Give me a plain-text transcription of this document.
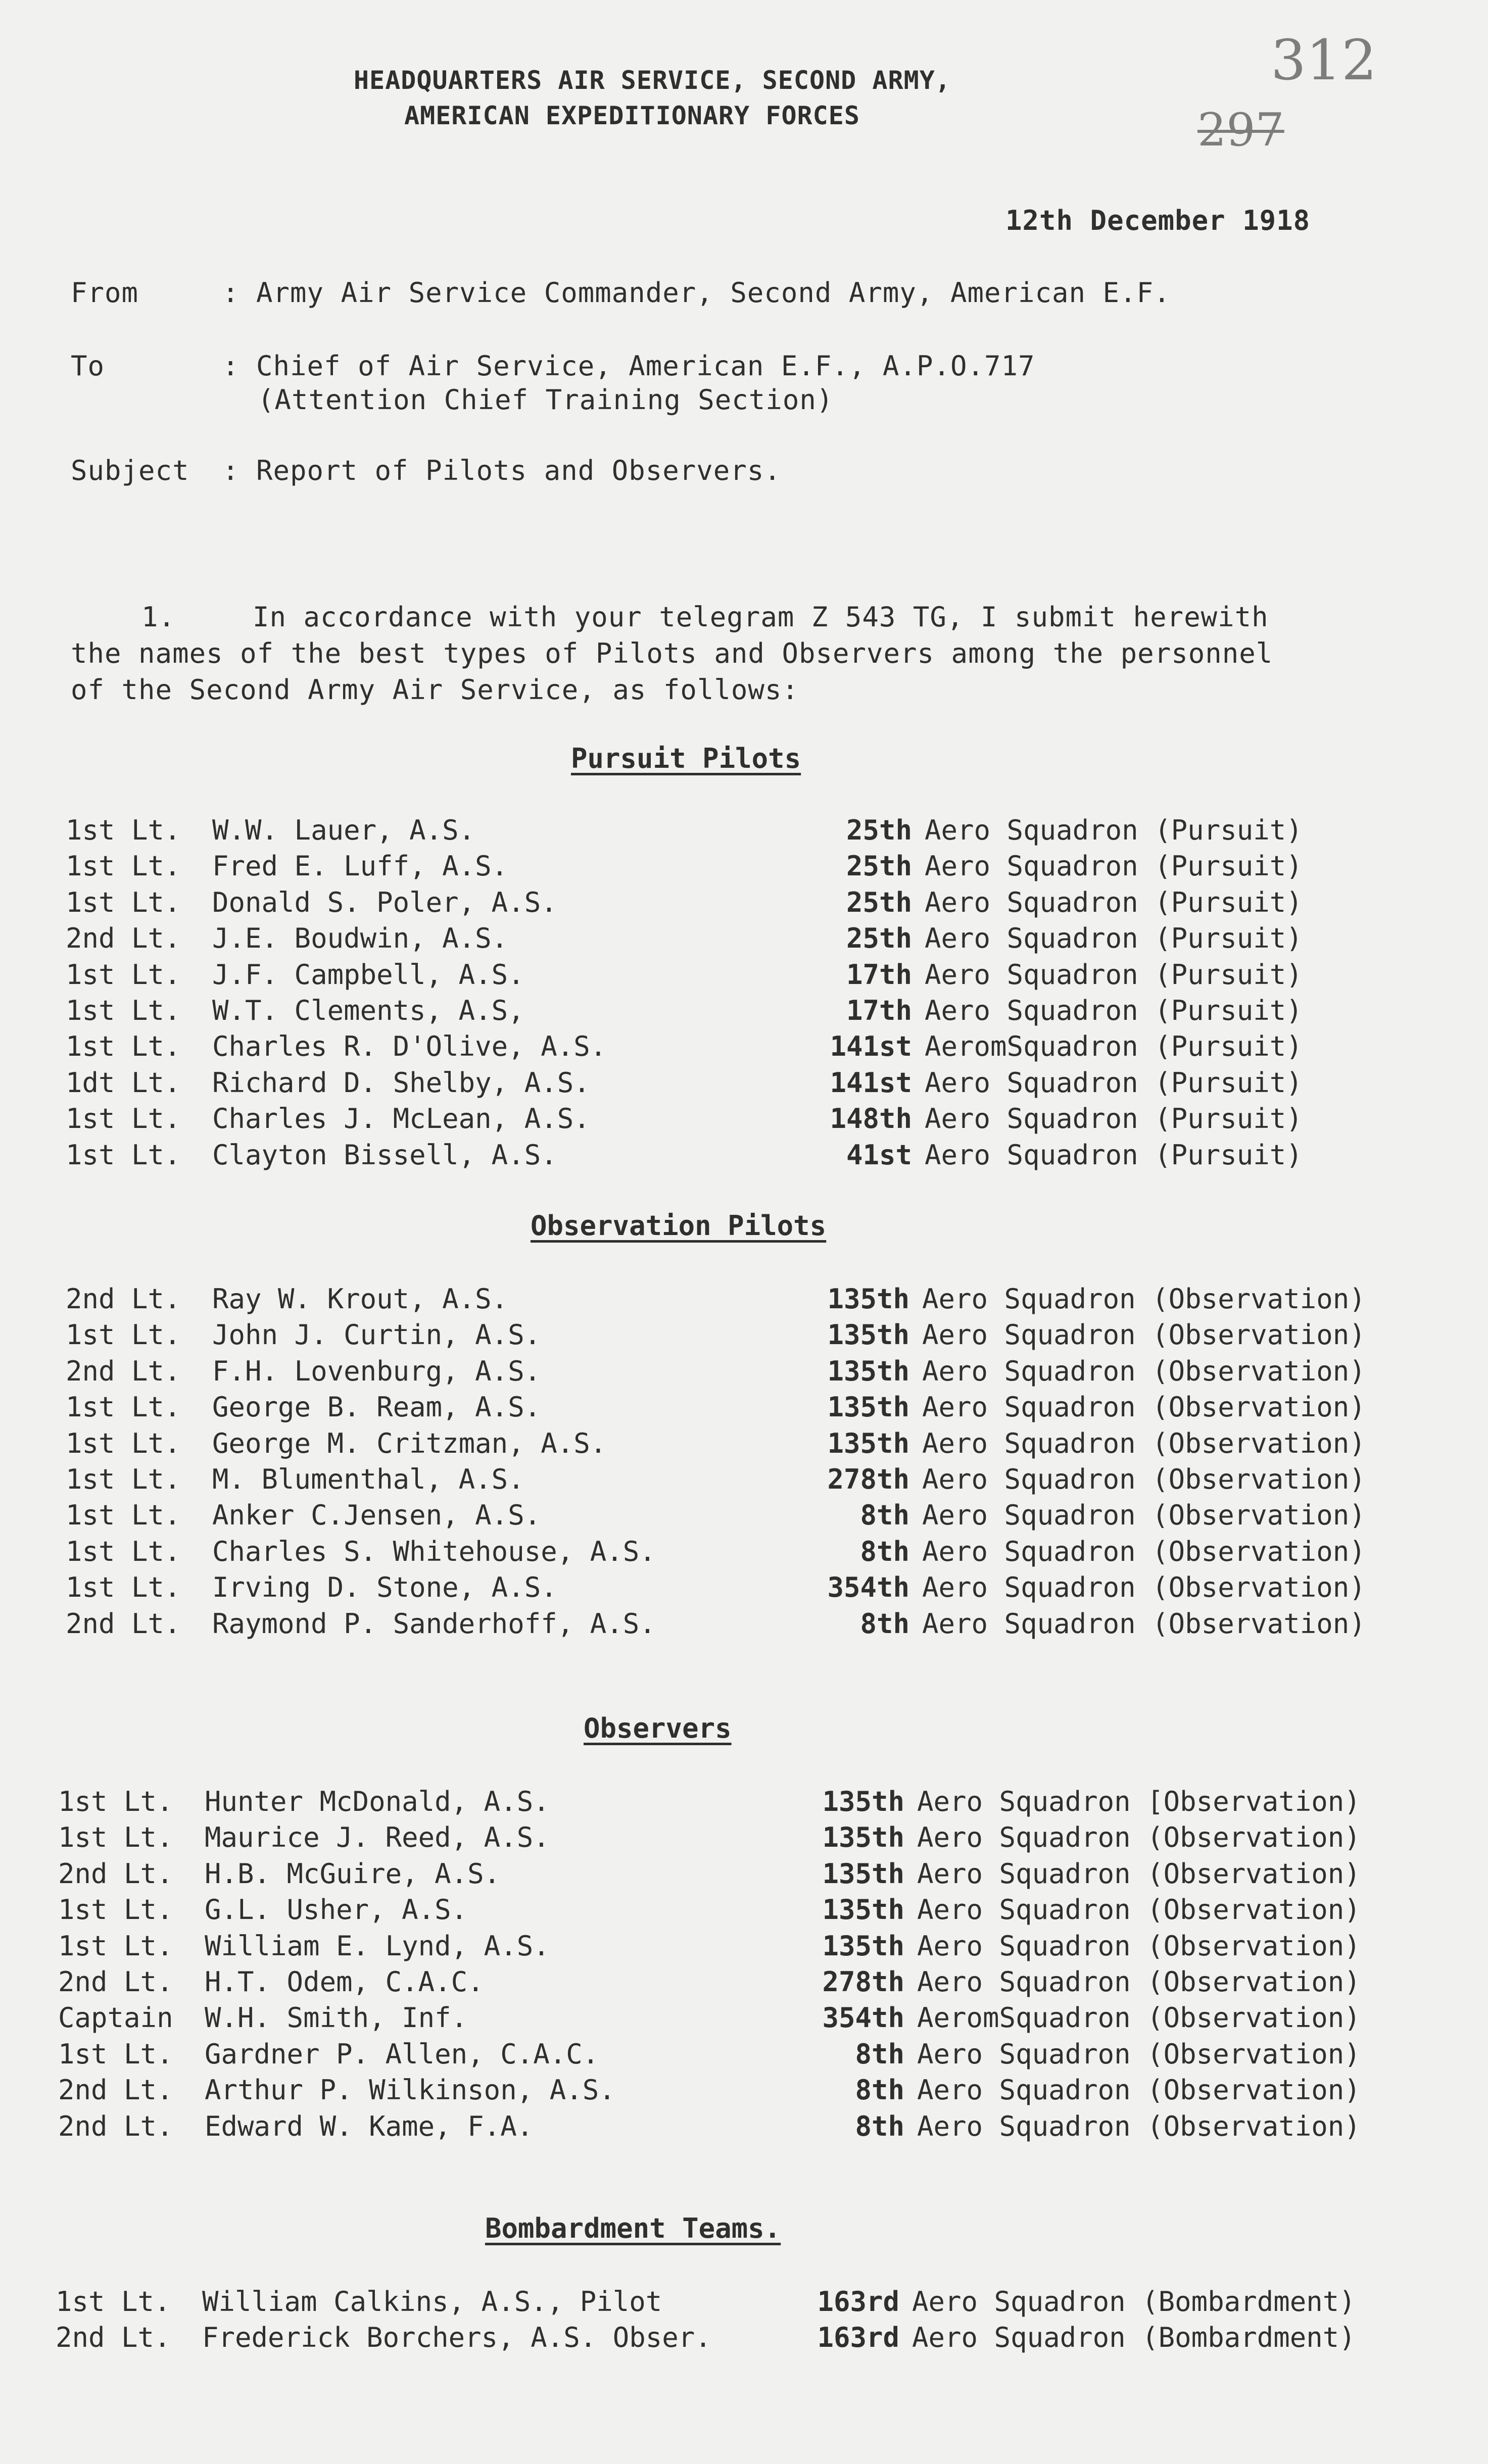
HEADQUARTERS AIR SERVICE, SECOND ARMY,
AMERICAN EXPEDITIONARY FORCES
312
297
12th December 1918
From	: Army Air Service Commander, Second Army, American E.F.
To	: Chief of Air Service, American E.F., A.P.O.717
(Attention Chief Training Section)
Subject : Report of Pilots and Observers.
1.	In accordance with your telegram Z 543 TG, I submit herewith
the names of the best types of Pilots and Observers among the personnel
of the Second Army Air Service, as follows:
Pursuit Pilots
Observation Pilots
Observers
Bombardment Teams.
1st Lt. W.W. Lauer, A.S.	25th Aero Squadron (Pursuit)
1st Lt. Fred E. Luff, A.S.	25th Aero Squadron (Pursuit)
1st Lt. Donald S. Poler, A.S.	25th Aero Squadron (Pursuit)
2nd Lt. J.E. Boudwin, A.S.	25th Aero Squadron (Pursuit)
1st Lt. J.F. Campbell, A.S.	17th Aero Squadron (Pursuit)
1st Lt. W.T. Clements, A.S,	17th Aero Squadron (Pursuit)
1st Lt. Charles R. D'Olive, A.S.	141st AeromSquadron (Pursuit)
1dt Lt. Richard D. Shelby, A.S.	141st Aero Squadron (Pursuit)
1st Lt. Charles J. McLean, A.S.	148th Aero Squadron (Pursuit)
1st Lt. Clayton Bissell, A.S.	41st Aero Squadron (Pursuit)
2nd Lt. Ray W. Krout, A.S.	135th Aero Squadron (Observation)
1st Lt. John J. Curtin, A.S.	135th Aero Squadron (Observation)
2nd Lt. F.H. Lovenburg, A.S.	135th Aero Squadron (Observation)
1st Lt. George B. Ream, A.S.	135th Aero Squadron (Observation)
1st Lt. George M. Critzman, A.S.	135th Aero Squadron (Observation)
1st Lt. M. Blumenthal, A.S.	278th Aero Squadron (Observation)
1st Lt. Anker C.Jensen, A.S.	8th Aero Squadron (Observation)
1st Lt. Charles S. Whitehouse, A.S.	8th Aero Squadron (Observation)
1st Lt. Irving D. Stone, A.S.	354th Aero Squadron (Observation)
2nd Lt. Raymond P. Sanderhoff, A.S.	8th Aero Squadron (Observation)
1st Lt. Hunter McDonald, A.S.	135th Aero Squadron [Observation)
1st Lt. Maurice J. Reed, A.S.	135th Aero Squadron (Observation)
2nd Lt. H.B. McGuire, A.S.	135th Aero Squadron (Observation)
1st Lt. G.L. Usher, A.S.	135th Aero Squadron (Observation)
1st Lt. William E. Lynd, A.S.	135th Aero Squadron (Observation)
2nd Lt. H.T. Odem, C.A.C.	278th Aero Squadron (Observation)
Captain W.H. Smith, Inf.	354th AeromSquadron (Observation)
1st Lt. Gardner P. Allen, C.A.C.	8th Aero Squadron (Observation)
2nd Lt. Arthur P. Wilkinson, A.S.	8th Aero Squadron (Observation)
2nd Lt. Edward W. Kame, F.A.	8th Aero Squadron (Observation)
1st Lt. William Calkins, A.S., Pilot	163rd Aero Squadron (Bombardment)
2nd Lt. Frederick Borchers, A.S. Obser.	163rd Aero Squadron (Bombardment)
